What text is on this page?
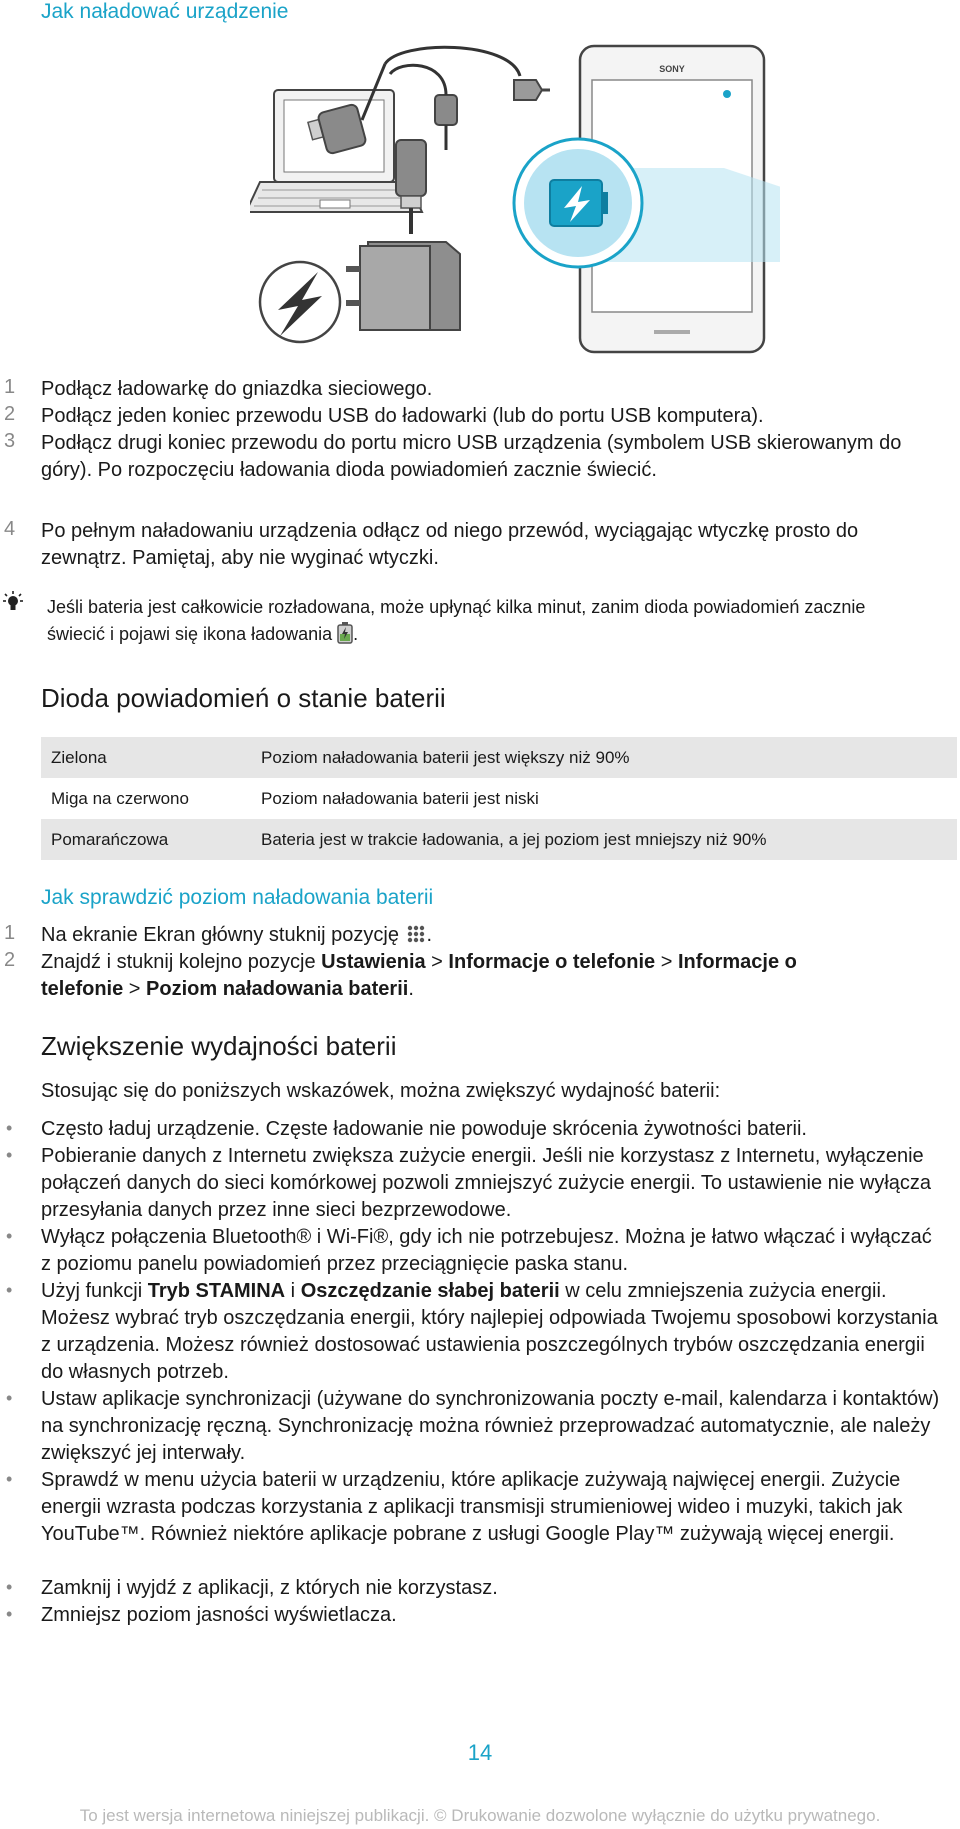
Jak naładować urządzenie
SONY
1	Podłącz ładowarkę do gniazdka sieciowego.
2	Podłącz jeden koniec przewodu USB do ładowarki (lub do portu USB komputera).
3	Podłącz drugi koniec przewodu do portu micro USB urządzenia (symbolem USB skierowanym do góry). Po rozpoczęciu ładowania dioda powiadomień zacznie świecić.
4	Po pełnym naładowaniu urządzenia odłącz od niego przewód, wyciągając wtyczkę prosto do zewnątrz. Pamiętaj, aby nie wyginać wtyczki.
Jeśli bateria jest całkowicie rozładowana, może upłynąć kilka minut, zanim dioda powiadomień zacznie świecić i pojawi się ikona ładowania .
Dioda powiadomień o stanie baterii
Zielona	Poziom naładowania baterii jest większy niż 90%
Miga na czerwono	Poziom naładowania baterii jest niski
Pomarańczowa	Bateria jest w trakcie ładowania, a jej poziom jest mniejszy niż 90%
Jak sprawdzić poziom naładowania baterii
1	Na ekranie Ekran główny stuknij pozycję .
2	Znajdź i stuknij kolejno pozycje Ustawienia > Informacje o telefonie > Informacje o telefonie > Poziom naładowania baterii.
Zwiększenie wydajności baterii
Stosując się do poniższych wskazówek, można zwiększyć wydajność baterii:
• Często ładuj urządzenie. Częste ładowanie nie powoduje skrócenia żywotności baterii.
• Pobieranie danych z Internetu zwiększa zużycie energii. Jeśli nie korzystasz z Internetu, wyłączenie połączeń danych do sieci komórkowej pozwoli zmniejszyć zużycie energii. To ustawienie nie wyłącza przesyłania danych przez inne sieci bezprzewodowe.
• Wyłącz połączenia Bluetooth® i Wi-Fi®, gdy ich nie potrzebujesz. Można je łatwo włączać i wyłączać z poziomu panelu powiadomień przez przeciągnięcie paska stanu.
• Użyj funkcji Tryb STAMINA i Oszczędzanie słabej baterii w celu zmniejszenia zużycia energii. Możesz wybrać tryb oszczędzania energii, który najlepiej odpowiada Twojemu sposobowi korzystania z urządzenia. Możesz również dostosować ustawienia poszczególnych trybów oszczędzania energii do własnych potrzeb.
• Ustaw aplikacje synchronizacji (używane do synchronizowania poczty e-mail, kalendarza i kontaktów) na synchronizację ręczną. Synchronizację można również przeprowadzać automatycznie, ale należy zwiększyć jej interwały.
• Sprawdź w menu użycia baterii w urządzeniu, które aplikacje zużywają najwięcej energii. Zużycie energii wzrasta podczas korzystania z aplikacji transmisji strumieniowej wideo i muzyki, takich jak YouTube™. Również niektóre aplikacje pobrane z usługi Google Play™ zużywają więcej energii.
• Zamknij i wyjdź z aplikacji, z których nie korzystasz.
• Zmniejsz poziom jasności wyświetlacza.
14
To jest wersja internetowa niniejszej publikacji. © Drukowanie dozwolone wyłącznie do użytku prywatnego.
